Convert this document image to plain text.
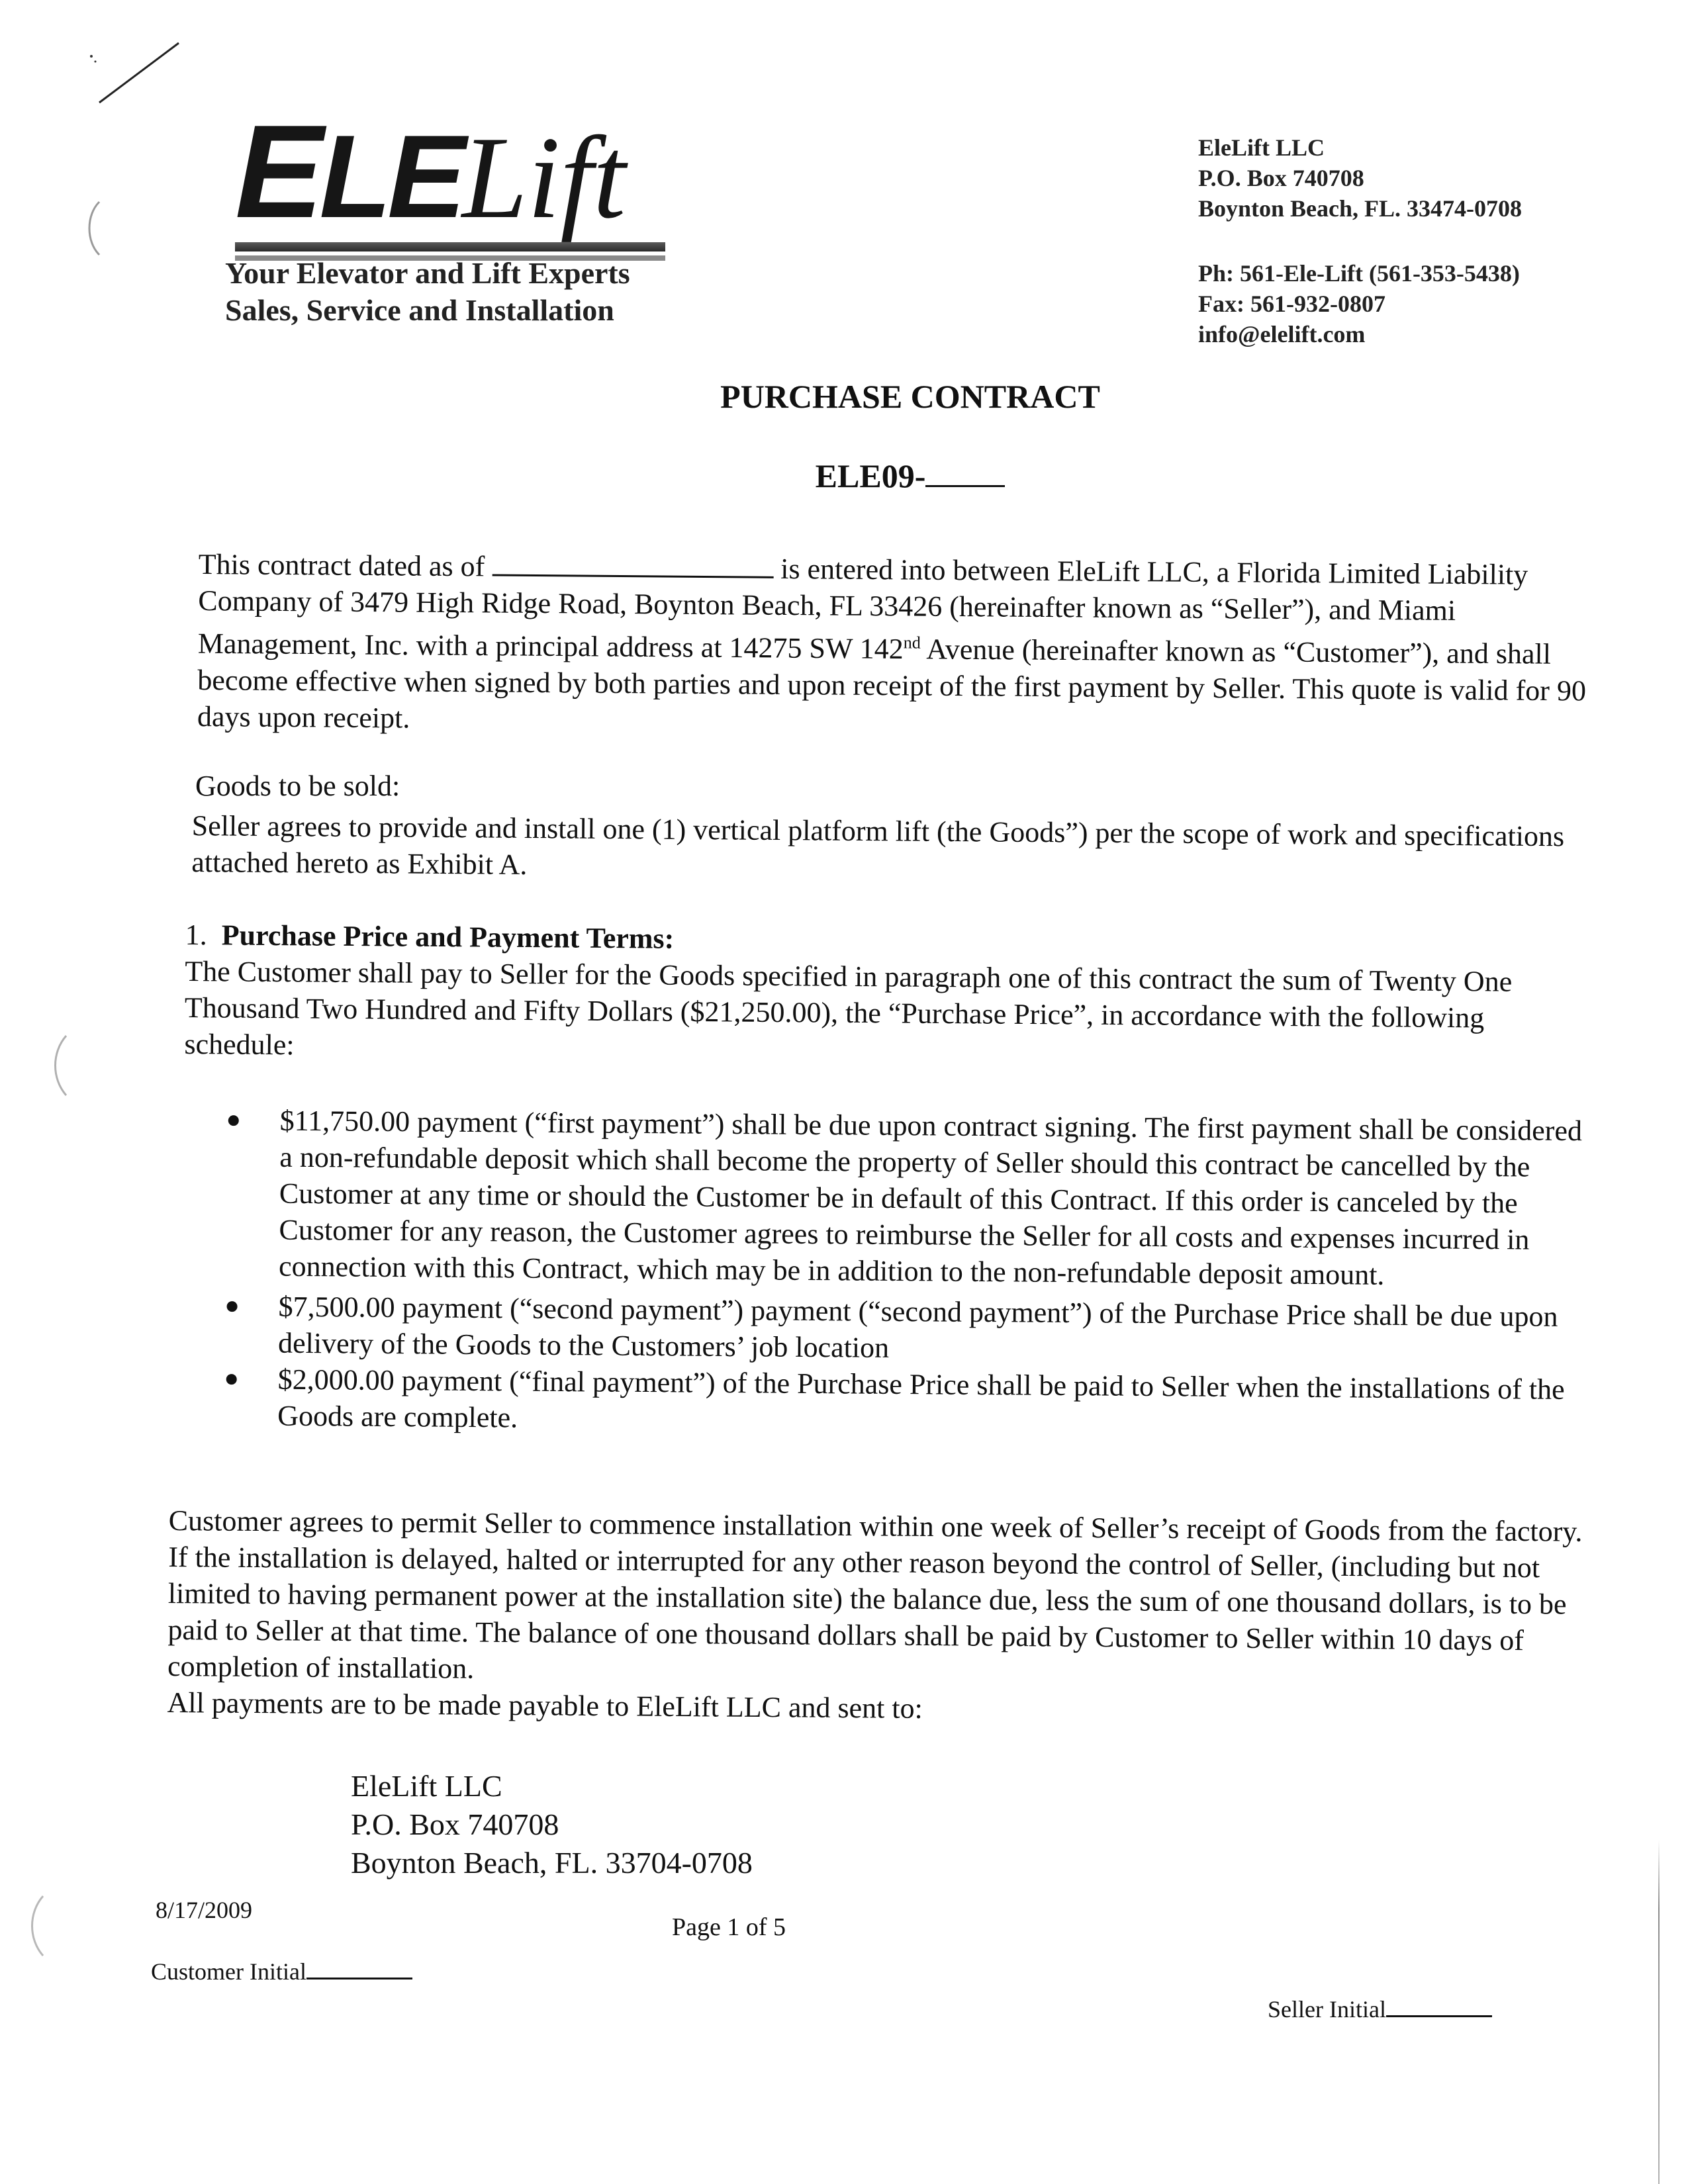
ELELift
Your Elevator and Lift Experts
Sales, Service and Installation
EleLift LLC
P.O. Box 740708
Boynton Beach, FL. 33474-0708
Ph: 561-Ele-Lift (561-353-5438)
Fax: 561-932-0807
info@elelift.com
PURCHASE CONTRACT
ELE09-
This contract dated as of	is entered into between EleLift LLC, a Florida Limited Liability Company of 3479 High Ridge Road, Boynton Beach, FL 33426 (hereinafter known as “Seller”), and Miami Management, Inc. with a principal address at 14275 SW 142nd Avenue (hereinafter known as “Customer”), and shall become effective when signed by both parties and upon receipt of the first payment by Seller. This quote is valid for 90 days upon receipt.
Goods to be sold:
Seller agrees to provide and install one (1) vertical platform lift (the Goods”) per the scope of work and specifications attached hereto as Exhibit A.
1. Purchase Price and Payment Terms:
The Customer shall pay to Seller for the Goods specified in paragraph one of this contract the sum of Twenty One Thousand Two Hundred and Fifty Dollars ($21,250.00), the “Purchase Price”, in accordance with the following schedule:
$11,750.00 payment (“first payment”) shall be due upon contract signing. The first payment shall be considered a non-refundable deposit which shall become the property of Seller should this contract be cancelled by the Customer at any time or should the Customer be in default of this Contract. If this order is canceled by the Customer for any reason, the Customer agrees to reimburse the Seller for all costs and expenses incurred in connection with this Contract, which may be in addition to the non-refundable deposit amount.
$7,500.00 payment (“second payment”) payment (“second payment”) of the Purchase Price shall be due upon delivery of the Goods to the Customers’ job location
$2,000.00 payment (“final payment”) of the Purchase Price shall be paid to Seller when the installations of the Goods are complete.
Customer agrees to permit Seller to commence installation within one week of Seller’s receipt of Goods from the factory. If the installation is delayed, halted or interrupted for any other reason beyond the control of Seller, (including but not limited to having permanent power at the installation site) the balance due, less the sum of one thousand dollars, is to be paid to Seller at that time. The balance of one thousand dollars shall be paid by Customer to Seller within 10 days of completion of installation.
All payments are to be made payable to EleLift LLC and sent to:
EleLift LLC
P.O. Box 740708
Boynton Beach, FL. 33704-0708
8/17/2009
Page 1 of 5
Customer Initial
Seller Initial
